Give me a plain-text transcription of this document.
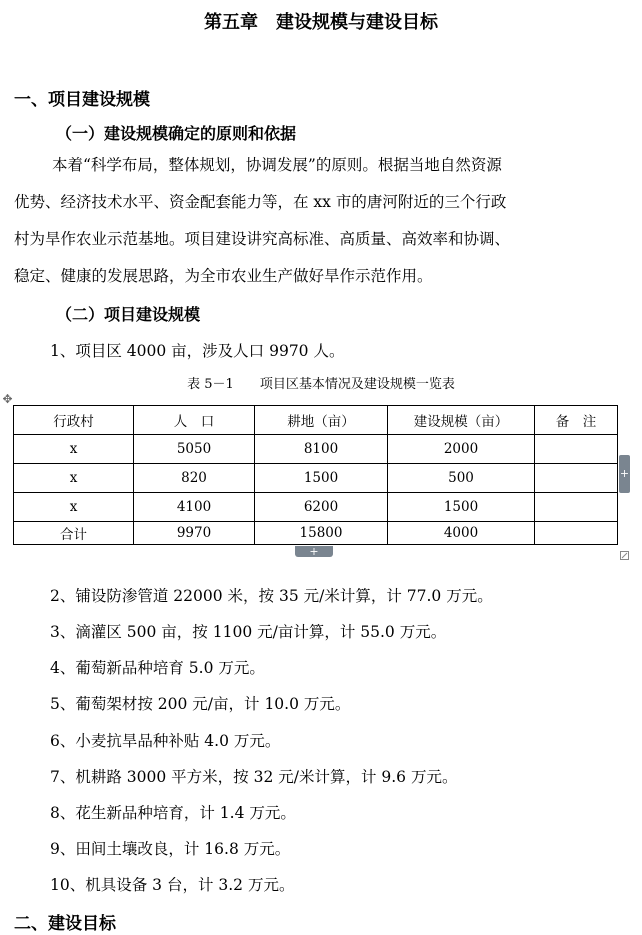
第五章　建设规模与建设目标
一、项目建设规模
（一）建设规模确定的原则和依据
本着“科学布局，整体规划，协调发展”的原则。根据当地自然资源
优势、经济技术水平、资金配套能力等，在 xx 市的唐河附近的三个行政
村为旱作农业示范基地。项目建设讲究高标准、高质量、高效率和协调、
稳定、健康的发展思路，为全市农业生产做好旱作示范作用。
（二）项目建设规模
1、项目区 4000 亩，涉及人口 9970 人。
表 5－1　　项目区基本情况及建设规模一览表
✥
行政村	人　口	耕地（亩）	建设规模（亩）	备　注
x	5050	8100	2000	
x	820	1500	500	
x	4100	6200	1500	
合计	9970	15800	4000	
+
+
2、铺设防渗管道 22000 米，按 35 元/米计算，计 77.0 万元。
3、滴灌区 500 亩，按 1100 元/亩计算，计 55.0 万元。
4、葡萄新品种培育 5.0 万元。
5、葡萄架材按 200 元/亩，计 10.0 万元。
6、小麦抗旱品种补贴 4.0 万元。
7、机耕路 3000 平方米，按 32 元/米计算，计 9.6 万元。
8、花生新品种培育，计 1.4 万元。
9、田间土壤改良，计 16.8 万元。
10、机具设备 3 台，计 3.2 万元。
二、建设目标
